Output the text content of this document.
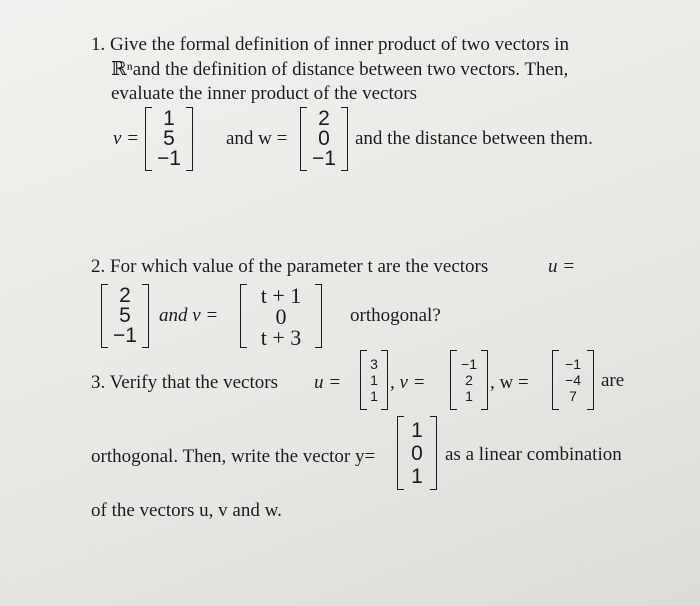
1. Give the formal definition of inner product of two vectors in
ℝⁿand the definition of distance between two vectors. Then,
evaluate the inner product of the vectors
v =
1
5
−1
and w =
2
0
−1
and the distance between them.
2. For which value of the parameter t are the vectors	u =
2
5
−1
and v =
t + 1
0
t + 3
orthogonal?
3. Verify that the vectors u =
3
1
1
, v =
−1
2
1
, w =
−1
−4
7
are
orthogonal. Then, write the vector y=
1
0
1
as a linear combination
of the vectors u, v and w.
